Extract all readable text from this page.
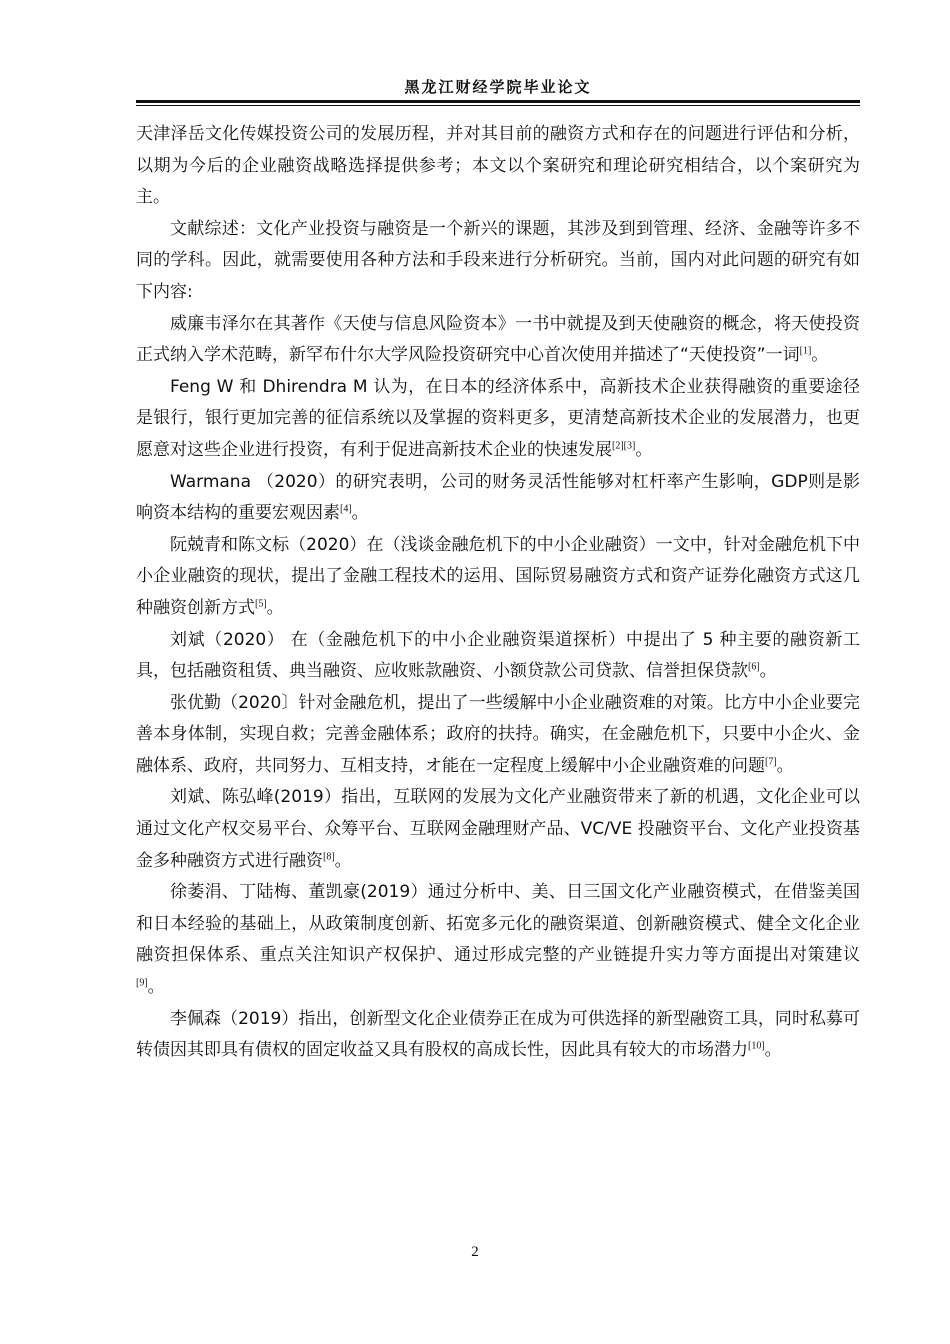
黑龙江财经学院毕业论文

天津泽岳文化传媒投资公司的发展历程，并对其目前的融资方式和存在的问题进行评估和分析，以期为今后的企业融资战略选择提供参考；本文以个案研究和理论研究相结合，以个案研究为主。

文献综述：文化产业投资与融资是一个新兴的课题，其涉及到到管理、经济、金融等许多不同的学科。因此，就需要使用各种方法和手段来进行分析研究。当前，国内对此问题的研究有如下内容:

威廉韦泽尔在其著作《天使与信息风险资本》一书中就提及到天使融资的概念，将天使投资正式纳入学术范畴，新罕布什尔大学风险投资研究中心首次使用并描述了“天使投资”一词[1]。

Feng W 和 Dhirendra M 认为，在日本的经济体系中，高新技术企业获得融资的重要途径是银行，银行更加完善的征信系统以及掌握的资料更多，更清楚高新技术企业的发展潜力，也更愿意对这些企业进行投资，有利于促进高新技术企业的快速发展[2][3]。

Warmana （2020）的研究表明，公司的财务灵活性能够对杠杆率产生影响，GDP则是影响资本结构的重要宏观因素[4]。

阮兢青和陈文标（2020）在（浅谈金融危机下的中小企业融资）一文中，针对金融危机下中小企业融资的现状，提出了金融工程技术的运用、国际贸易融资方式和资产证券化融资方式这几种融资创新方式[5]。

刘斌（2020） 在（金融危机下的中小企业融资渠道探析）中提出了 5 种主要的融资新工具，包括融资租赁、典当融资、应收账款融资、小额贷款公司贷款、信誉担保贷款[6]。

张优勤（2020〕针对金融危机，提出了一些缓解中小企业融资难的对策。比方中小企业要完善本身体制，实现自救；完善金融体系；政府的扶持。确实，在金融危机下，只要中小企火、金融体系、政府，共同努力、互相支持，オ能在一定程度上缓解中小企业融资难的问题[7]。

刘斌、陈弘峰(2019）指出，互联网的发展为文化产业融资带来了新的机遇，文化企业可以通过文化产权交易平台、众筹平台、互联网金融理财产品、VC/VE 投融资平台、文化产业投资基金多种融资方式进行融资[8]。

徐萎涓、丁陆梅、董凯豪(2019）通过分析中、美、日三国文化产业融资模式，在借鉴美国和日本经验的基础上，从政策制度创新、拓宽多元化的融资渠道、创新融资模式、健全文化企业融资担保体系、重点关注知识产权保护、通过形成完整的产业链提升实力等方面提出对策建议[9]。

李佩森（2019）指出，创新型文化企业债券正在成为可供选择的新型融资工具，同时私募可转债因其即具有债权的固定收益又具有股权的高成长性，因此具有较大的市场潜力[10]。

2
